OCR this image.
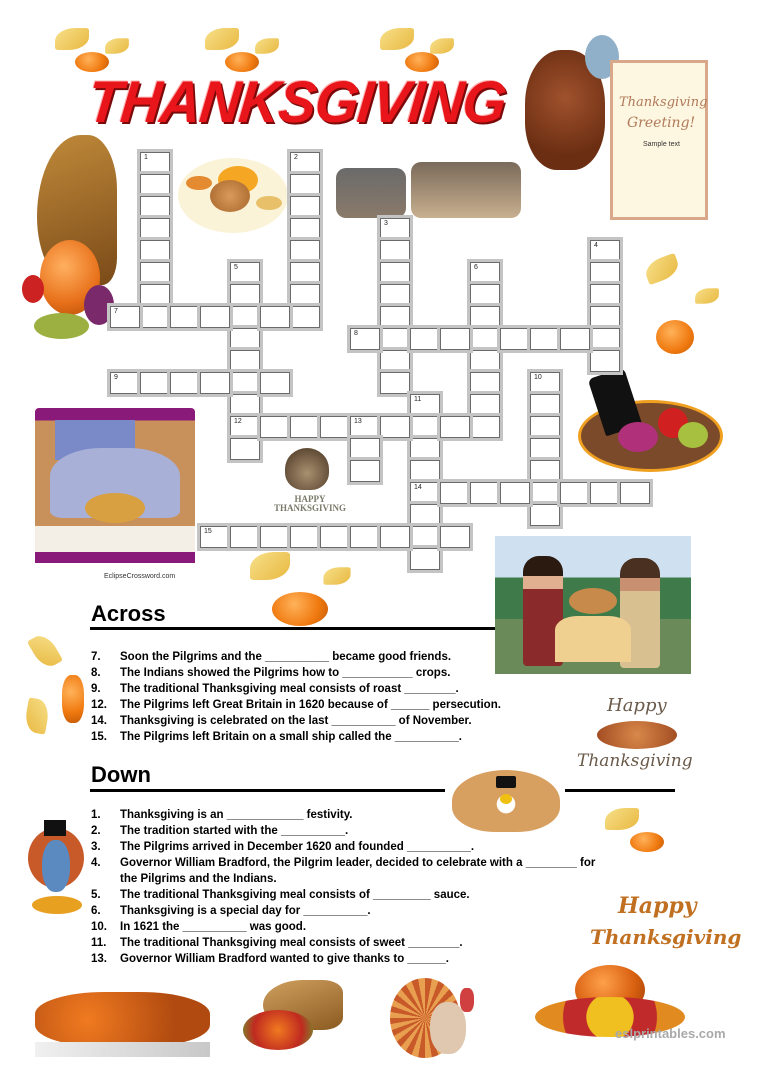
THANKSGIVING	Thanksgiving
Greeting!
Sample text
EclipseCrossword.com
HAPPY
THANKSGIVING
1	2
3
4
5
12
6
7
8
9	10
11
14
13
15
Across
7. Soon the Pilgrims and the __________ became good friends.
8. The Indians showed the Pilgrims how to ___________ crops.
9. The traditional Thanksgiving meal consists of roast ________.
12. The Pilgrims left Great Britain in 1620 because of ______ persecution.
14. Thanksgiving is celebrated on the last __________ of November.
15. The Pilgrims left Britain on a small ship called the __________.
Happy
Thanksgiving
Down
1. Thanksgiving is an ____________ festivity.
2. The tradition started with the __________.
3. The Pilgrims arrived in December 1620 and founded __________.
4. Governor William Bradford, the Pilgrim leader, decided to celebrate with a ________ for
the Pilgrims and the Indians.
5. The traditional Thanksgiving meal consists of _________ sauce.
6. Thanksgiving is a special day for __________.
10. In 1621 the __________ was good.
11. The traditional Thanksgiving meal consists of sweet ________.
13. Governor William Bradford wanted to give thanks to ______.
Happy
Thanksgiving
eslprintables.com
